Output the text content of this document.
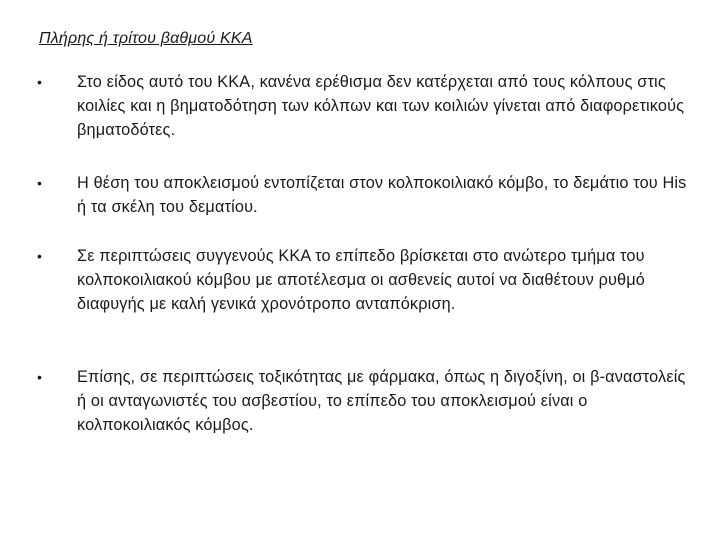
Πλήρης ή τρίτου βαθμού ΚΚΑ
• Στο είδος αυτό του ΚΚΑ, κανένα ερέθισμα δεν κατέρχεται από τους κόλπους στις κοιλίες και η βηματοδότηση των κόλπων και των κοιλιών γίνεται από διαφορετικούς βηματοδότες.
• Η θέση του αποκλεισμού εντοπίζεται στον κολποκοιλιακό κόμβο, το δεμάτιο του His ή τα σκέλη του δεματίου.
• Σε περιπτώσεις συγγενούς ΚΚΑ το επίπεδο βρίσκεται στο ανώτερο τμήμα του κολποκοιλιακού κόμβου με αποτέλεσμα οι ασθενείς αυτοί να διαθέτουν ρυθμό διαφυγής με καλή γενικά χρονότροπο ανταπόκριση.
• Επίσης, σε περιπτώσεις τοξικότητας με φάρμακα, όπως η διγοξίνη, οι β-αναστολείς ή οι ανταγωνιστές του ασβεστίου, το επίπεδο του αποκλεισμού είναι ο κολποκοιλιακός κόμβος.
